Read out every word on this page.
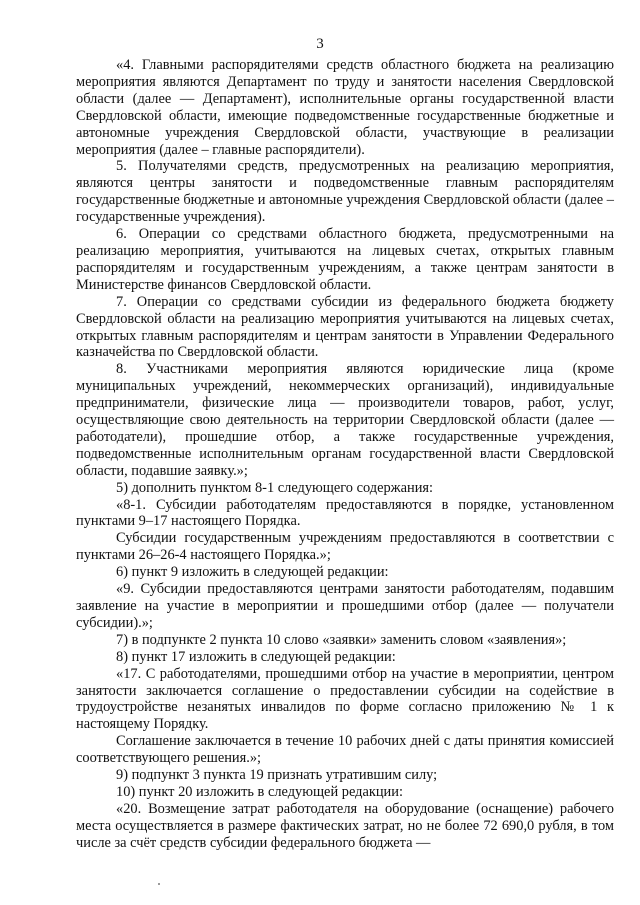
3

«4. Главными распорядителями средств областного бюджета на реализацию мероприятия являются Департамент по труду и занятости населения Свердловской области (далее — Департамент), исполнительные органы государственной власти Свердловской области, имеющие подведомственные государственные бюджетные и автономные учреждения Свердловской области, участвующие в реализации мероприятия (далее – главные распорядители).

5. Получателями средств, предусмотренных на реализацию мероприятия, являются центры занятости и подведомственные главным распорядителям государственные бюджетные и автономные учреждения Свердловской области (далее – государственные учреждения).

6. Операции со средствами областного бюджета, предусмотренными на реализацию мероприятия, учитываются на лицевых счетах, открытых главным распорядителям и государственным учреждениям, а также центрам занятости в Министерстве финансов Свердловской области.

7. Операции со средствами субсидии из федерального бюджета бюджету Свердловской области на реализацию мероприятия учитываются на лицевых счетах, открытых главным распорядителям и центрам занятости в Управлении Федерального казначейства по Свердловской области.

8. Участниками мероприятия являются юридические лица (кроме муниципальных учреждений, некоммерческих организаций), индивидуальные предприниматели, физические лица — производители товаров, работ, услуг, осуществляющие свою деятельность на территории Свердловской области (далее — работодатели), прошедшие отбор, а также государственные учреждения, подведомственные исполнительным органам государственной власти Свердловской области, подавшие заявку.»;

5) дополнить пунктом 8-1 следующего содержания:

«8-1. Субсидии работодателям предоставляются в порядке, установленном пунктами 9–17 настоящего Порядка.

Субсидии государственным учреждениям предоставляются в соответствии с пунктами 26–26-4 настоящего Порядка.»;

6) пункт 9 изложить в следующей редакции:

«9. Субсидии предоставляются центрами занятости работодателям, подавшим заявление на участие в мероприятии и прошедшими отбор (далее — получатели субсидии).»;

7) в подпункте 2 пункта 10 слово «заявки» заменить словом «заявления»;

8) пункт 17 изложить в следующей редакции:

«17. С работодателями, прошедшими отбор на участие в мероприятии, центром занятости заключается соглашение о предоставлении субсидии на содействие в трудоустройстве незанятых инвалидов по форме согласно приложению № 1 к настоящему Порядку.

Соглашение заключается в течение 10 рабочих дней с даты принятия комиссией соответствующего решения.»;

9) подпункт 3 пункта 19 признать утратившим силу;

10) пункт 20 изложить в следующей редакции:

«20. Возмещение затрат работодателя на оборудование (оснащение) рабочего места осуществляется в размере фактических затрат, но не более 72 690,0 рубля, в том числе за счёт средств субсидии федерального бюджета —
